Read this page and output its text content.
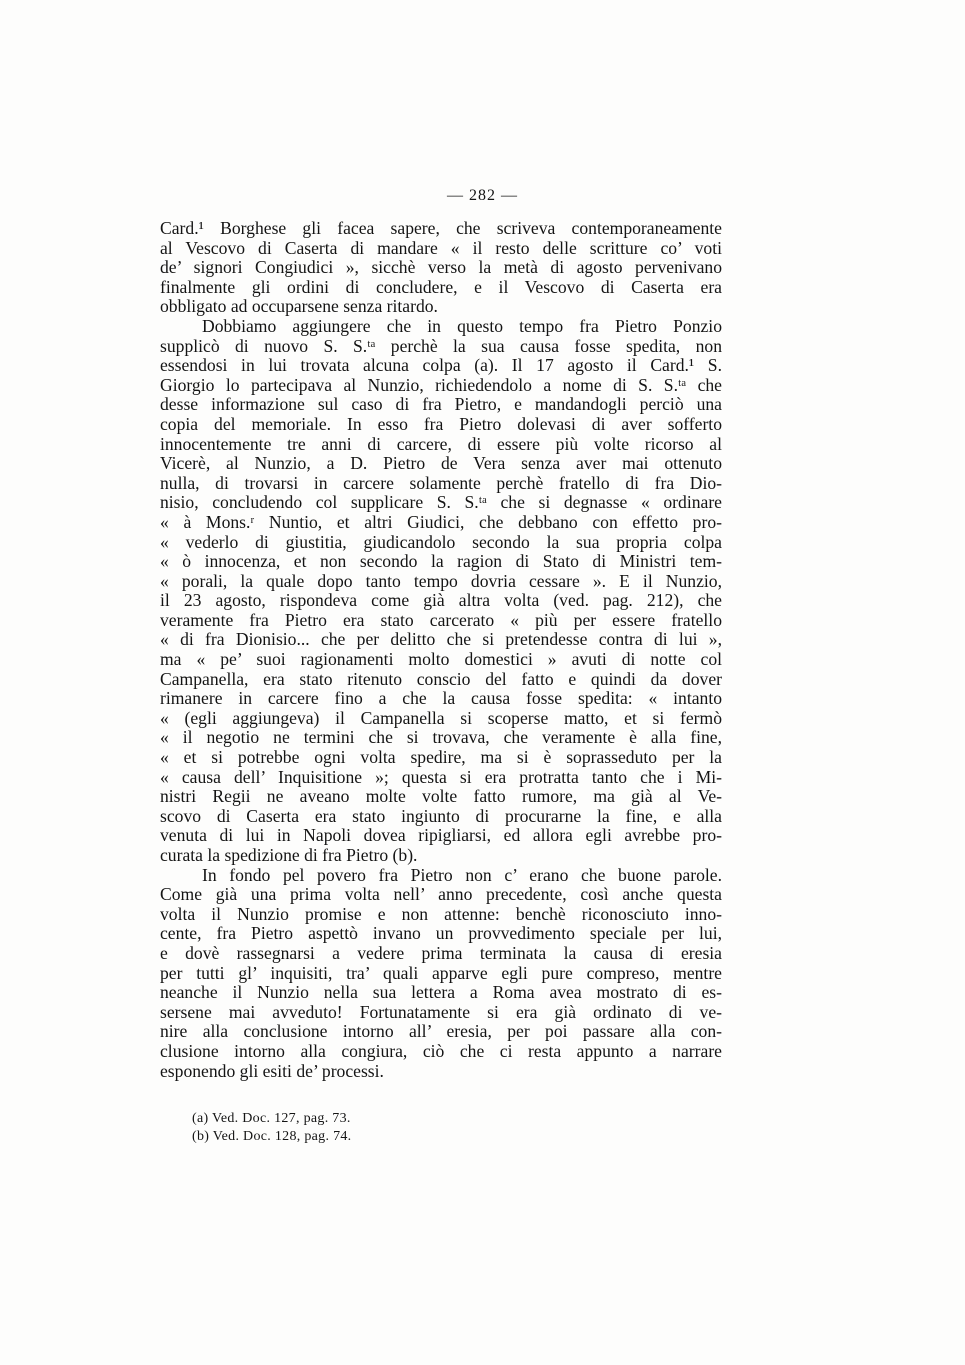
— 282 —
Card.¹ Borghese gli facea sapere, che scriveva contemporaneamente
al Vescovo di Caserta di mandare « il resto delle scritture co’ voti
de’ signori Congiudici », sicchè verso la metà di agosto pervenivano
finalmente gli ordini di concludere, e il Vescovo di Caserta era
obbligato ad occuparsene senza ritardo.
Dobbiamo aggiungere che in questo tempo fra Pietro Ponzio
supplicò di nuovo S. S.ᵗᵃ perchè la sua causa fosse spedita, non
essendosi in lui trovata alcuna colpa (a). Il 17 agosto il Card.¹ S.
Giorgio lo partecipava al Nunzio, richiedendolo a nome di S. S.ᵗᵃ che
desse informazione sul caso di fra Pietro, e mandandogli perciò una
copia del memoriale. In esso fra Pietro dolevasi di aver sofferto
innocentemente tre anni di carcere, di essere più volte ricorso al
Vicerè, al Nunzio, a D. Pietro de Vera senza aver mai ottenuto
nulla, di trovarsi in carcere solamente perchè fratello di fra Dio-
nisio, concludendo col supplicare S. S.ᵗᵃ che si degnasse « ordinare
« à Mons.ʳ Nuntio, et altri Giudici, che debbano con effetto pro-
« vederlo di giustitia, giudicandolo secondo la sua propria colpa
« ò innocenza, et non secondo la ragion di Stato di Ministri tem-
« porali, la quale dopo tanto tempo dovria cessare ». E il Nunzio,
il 23 agosto, rispondeva come già altra volta (ved. pag. 212), che
veramente fra Pietro era stato carcerato « più per essere fratello
« di fra Dionisio... che per delitto che si pretendesse contra di lui »,
ma « pe’ suoi ragionamenti molto domestici » avuti di notte col
Campanella, era stato ritenuto conscio del fatto e quindi da dover
rimanere in carcere fino a che la causa fosse spedita: « intanto
« (egli aggiungeva) il Campanella si scoperse matto, et si fermò
« il negotio ne termini che si trovava, che veramente è alla fine,
« et si potrebbe ogni volta spedire, ma si è soprasseduto per la
« causa dell’ Inquisitione »; questa si era protratta tanto che i Mi-
nistri Regii ne aveano molte volte fatto rumore, ma già al Ve-
scovo di Caserta era stato ingiunto di procurarne la fine, e alla
venuta di lui in Napoli dovea ripigliarsi, ed allora egli avrebbe pro-
curata la spedizione di fra Pietro (b).
In fondo pel povero fra Pietro non c’ erano che buone parole.
Come già una prima volta nell’ anno precedente, così anche questa
volta il Nunzio promise e non attenne: benchè riconosciuto inno-
cente, fra Pietro aspettò invano un provvedimento speciale per lui,
e dovè rassegnarsi a vedere prima terminata la causa di eresia
per tutti gl’ inquisiti, tra’ quali apparve egli pure compreso, mentre
neanche il Nunzio nella sua lettera a Roma avea mostrato di es-
sersene mai avveduto! Fortunatamente si era già ordinato di ve-
nire alla conclusione intorno all’ eresia, per poi passare alla con-
clusione intorno alla congiura, ciò che ci resta appunto a narrare
esponendo gli esiti de’ processi.
(a) Ved. Doc. 127, pag. 73.
(b) Ved. Doc. 128, pag. 74.
